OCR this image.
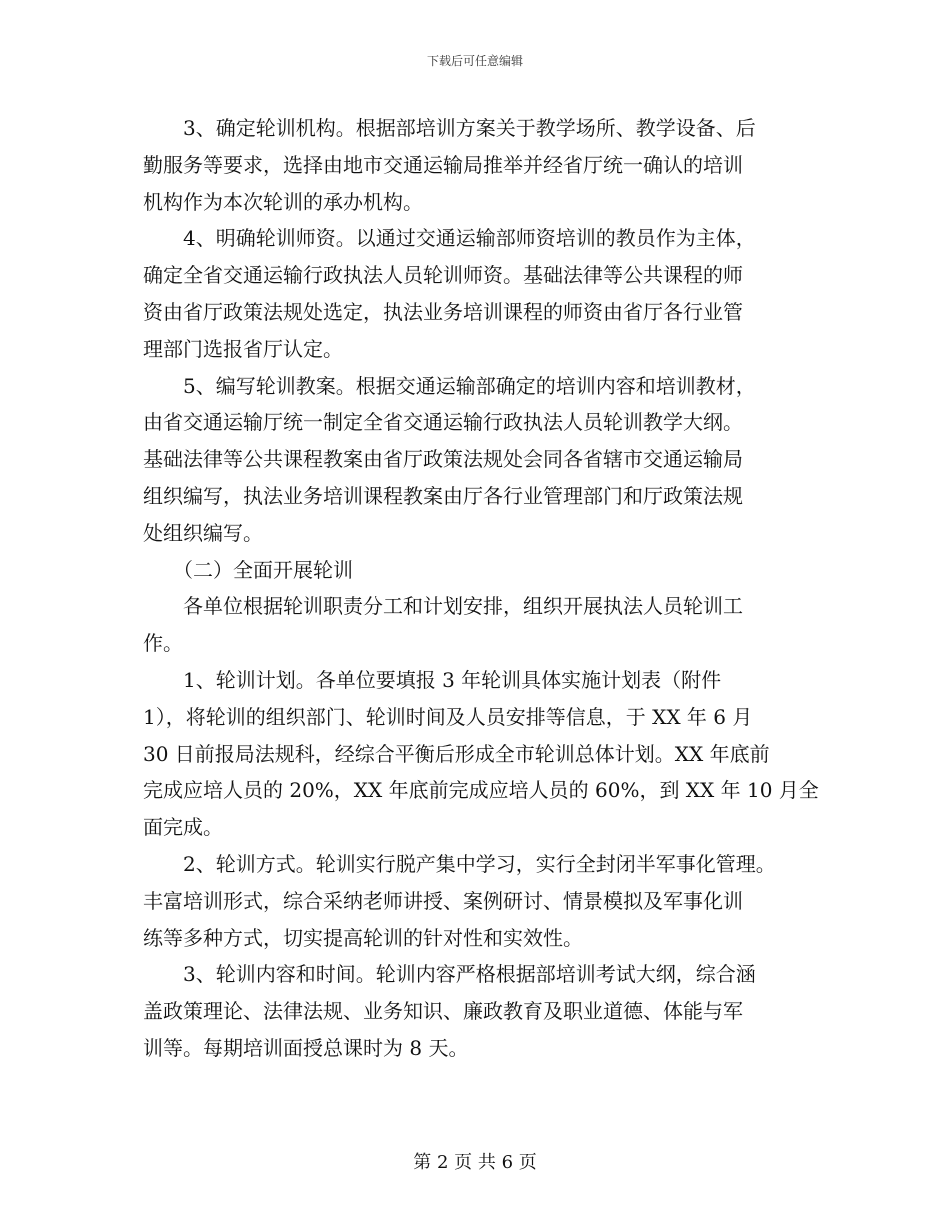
下载后可任意编辑
3、确定轮训机构。根据部培训方案关于教学场所、教学设备、后
勤服务等要求，选择由地市交通运输局推举并经省厅统一确认的培训
机构作为本次轮训的承办机构。
4、明确轮训师资。以通过交通运输部师资培训的教员作为主体，
确定全省交通运输行政执法人员轮训师资。基础法律等公共课程的师
资由省厅政策法规处选定，执法业务培训课程的师资由省厅各行业管
理部门选报省厅认定。
5、编写轮训教案。根据交通运输部确定的培训内容和培训教材，
由省交通运输厅统一制定全省交通运输行政执法人员轮训教学大纲。
基础法律等公共课程教案由省厅政策法规处会同各省辖市交通运输局
组织编写，执法业务培训课程教案由厅各行业管理部门和厅政策法规
处组织编写。
（二）全面开展轮训
各单位根据轮训职责分工和计划安排，组织开展执法人员轮训工
作。
1、轮训计划。各单位要填报 3 年轮训具体实施计划表（附件
1），将轮训的组织部门、轮训时间及人员安排等信息，于 XX 年 6 月
30 日前报局法规科，经综合平衡后形成全市轮训总体计划。XX 年底前
完成应培人员的 20%，XX 年底前完成应培人员的 60%，到 XX 年 10 月全
面完成。
2、轮训方式。轮训实行脱产集中学习，实行全封闭半军事化管理。
丰富培训形式，综合采纳老师讲授、案例研讨、情景模拟及军事化训
练等多种方式，切实提高轮训的针对性和实效性。
3、轮训内容和时间。轮训内容严格根据部培训考试大纲，综合涵
盖政策理论、法律法规、业务知识、廉政教育及职业道德、体能与军
训等。每期培训面授总课时为 8 天。
第 2 页 共 6 页
